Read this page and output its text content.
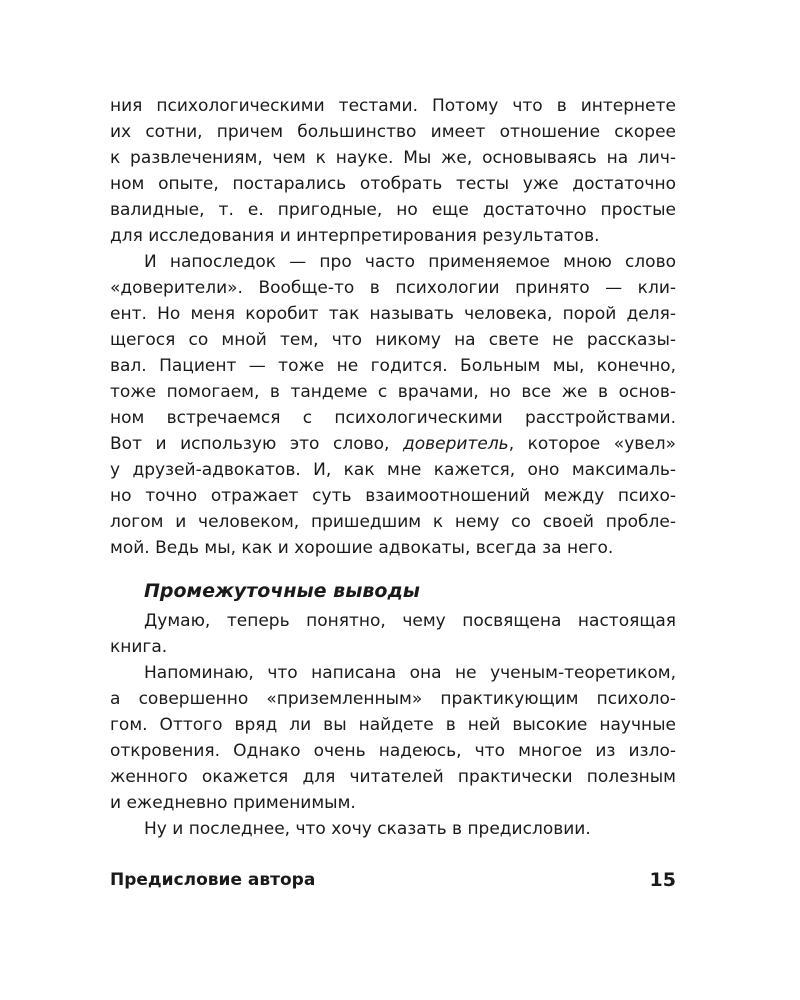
ния психологическими тестами. Потому что в интернете
их сотни, причем большинство имеет отношение скорее
к развлечениям, чем к науке. Мы же, основываясь на лич-
ном опыте, постарались отобрать тесты уже достаточно
валидные, т. е. пригодные, но еще достаточно простые
для исследования и интерпретирования результатов.
И напоследок — про часто применяемое мною слово
«доверители». Вообще-то в психологии принято — кли-
ент. Но меня коробит так называть человека, порой деля-
щегося со мной тем, что никому на свете не рассказы-
вал. Пациент — тоже не годится. Больным мы, конечно,
тоже помогаем, в тандеме с врачами, но все же в основ-
ном встречаемся с психологическими расстройствами.
Вот и использую это слово, доверитель, которое «увел»
у друзей-адвокатов. И, как мне кажется, оно максималь-
но точно отражает суть взаимоотношений между психо-
логом и человеком, пришедшим к нему со своей пробле-
мой. Ведь мы, как и хорошие адвокаты, всегда за него.
Промежуточные выводы
Думаю, теперь понятно, чему посвящена настоящая
книга.
Напоминаю, что написана она не ученым-теоретиком,
а совершенно «приземленным» практикующим психоло-
гом. Оттого вряд ли вы найдете в ней высокие научные
откровения. Однако очень надеюсь, что многое из изло-
женного окажется для читателей практически полезным
и ежедневно применимым.
Ну и последнее, что хочу сказать в предисловии.
Предисловие автора	15
